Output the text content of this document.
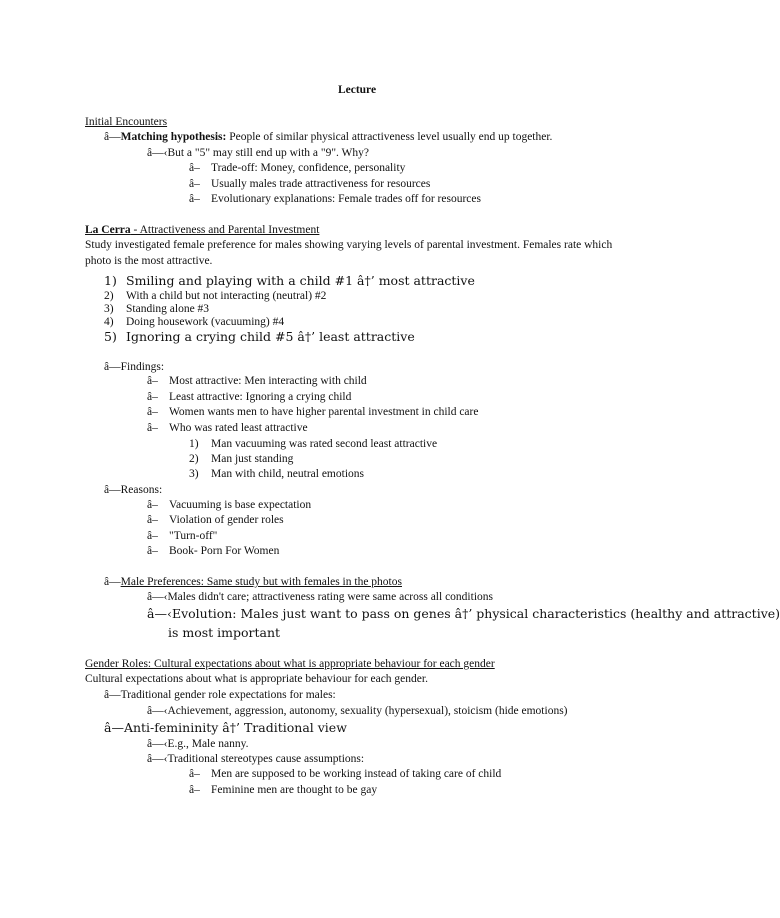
Lecture
Initial Encounters
â—Matching hypothesis: People of similar physical attractiveness level usually end up together.
â—‹But a "5" may still end up with a "9". Why?
â– Trade-off: Money, confidence, personality
â– Usually males trade attractiveness for resources
â– Evolutionary explanations: Female trades off for resources
La Cerra - Attractiveness and Parental Investment
Study investigated female preference for males showing varying levels of parental investment. Females rate which photo is the most attractive.
1) Smiling and playing with a child #1 â†’ most attractive
2) With a child but not interacting (neutral) #2
3) Standing alone #3
4) Doing housework (vacuuming) #4
5) Ignoring a crying child #5 â†’ least attractive
â—Findings:
â– Most attractive: Men interacting with child
â– Least attractive: Ignoring a crying child
â– Women wants men to have higher parental investment in child care
â– Who was rated least attractive
1) Man vacuuming was rated second least attractive
2) Man just standing
3) Man with child, neutral emotions
â—Reasons:
â– Vacuuming is base expectation
â– Violation of gender roles
â– "Turn-off"
â– Book- Porn For Women
â—Male Preferences: Same study but with females in the photos
â—‹Males didn't care; attractiveness rating were same across all conditions
â—‹Evolution: Males just want to pass on genes â†’ physical characteristics (healthy and attractive)
is most important
Gender Roles: Cultural expectations about what is appropriate behaviour for each gender
Cultural expectations about what is appropriate behaviour for each gender.
â—Traditional gender role expectations for males:
â—‹Achievement, aggression, autonomy, sexuality (hypersexual), stoicism (hide emotions)
â—Anti-femininity â†’ Traditional view
â—‹E.g., Male nanny.
â—‹Traditional stereotypes cause assumptions:
â– Men are supposed to be working instead of taking care of child
â– Feminine men are thought to be gay
